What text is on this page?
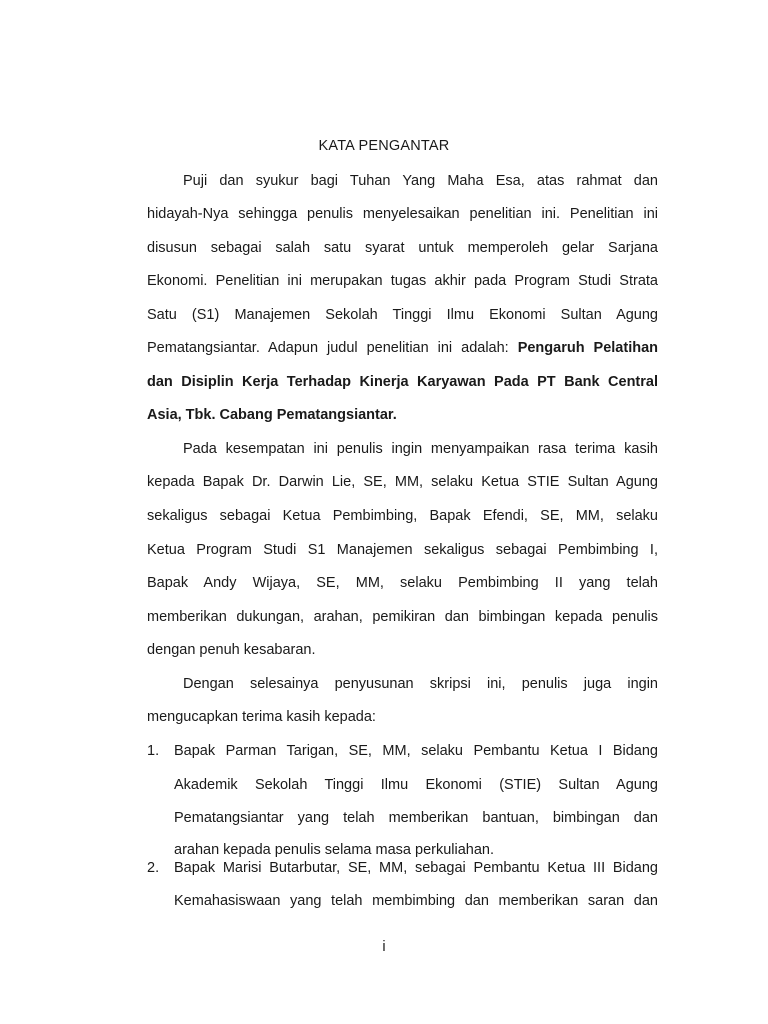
KATA PENGANTAR
Puji dan syukur bagi Tuhan Yang Maha Esa, atas rahmat dan
hidayah-Nya sehingga penulis menyelesaikan penelitian ini. Penelitian ini
disusun sebagai salah satu syarat untuk memperoleh gelar Sarjana
Ekonomi. Penelitian ini merupakan tugas akhir pada Program Studi Strata
Satu (S1) Manajemen Sekolah Tinggi Ilmu Ekonomi Sultan Agung
Pematangsiantar. Adapun judul penelitian ini adalah: Pengaruh Pelatihan
dan Disiplin Kerja Terhadap Kinerja Karyawan Pada PT Bank Central
Asia, Tbk. Cabang Pematangsiantar.
Pada kesempatan ini penulis ingin menyampaikan rasa terima kasih
kepada Bapak Dr. Darwin Lie, SE, MM, selaku Ketua STIE Sultan Agung
sekaligus sebagai Ketua Pembimbing, Bapak Efendi, SE, MM, selaku
Ketua Program Studi S1 Manajemen sekaligus sebagai Pembimbing I,
Bapak Andy Wijaya, SE, MM, selaku Pembimbing II yang telah
memberikan dukungan, arahan, pemikiran dan bimbingan kepada penulis
dengan penuh kesabaran.
Dengan selesainya penyusunan skripsi ini, penulis juga ingin
mengucapkan terima kasih kepada:
1.	Bapak Parman Tarigan, SE, MM, selaku Pembantu Ketua I Bidang
Akademik Sekolah Tinggi Ilmu Ekonomi (STIE) Sultan Agung
Pematangsiantar yang telah memberikan bantuan, bimbingan dan
arahan kepada penulis selama masa perkuliahan.
2.	Bapak Marisi Butarbutar, SE, MM, sebagai Pembantu Ketua III Bidang
Kemahasiswaan yang telah membimbing dan memberikan saran dan
i
